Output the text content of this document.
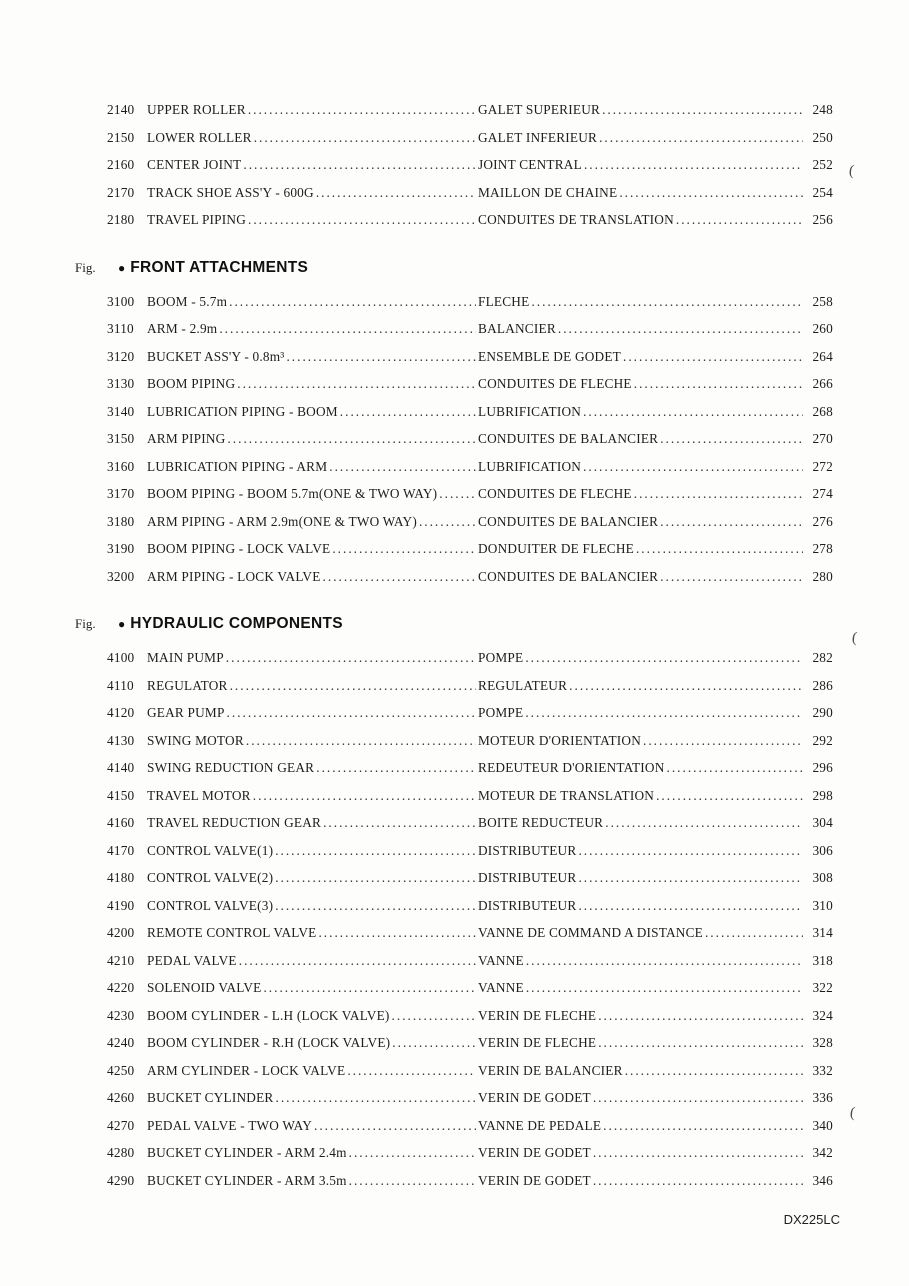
(
(
(
2140 UPPER ROLLER .....	GALET SUPERIEUR .....	248
2150 LOWER ROLLER .....	GALET INFERIEUR .....	250
2160 CENTER JOINT .....	JOINT CENTRAL .....	252
2170 TRACK SHOE ASS'Y - 600G .....	MAILLON DE CHAINE .....	254
2180 TRAVEL PIPING .....	CONDUITES DE TRANSLATION .....	256
Fig.	● FRONT ATTACHMENTS
3100 BOOM - 5.7m .....	FLECHE .....	258
3110 ARM - 2.9m .....	BALANCIER .....	260
3120 BUCKET ASS'Y - 0.8m³ .....	ENSEMBLE DE GODET .....	264
3130 BOOM PIPING .....	CONDUITES DE FLECHE .....	266
3140 LUBRICATION PIPING - BOOM .....	LUBRIFICATION .....	268
3150 ARM PIPING .....	CONDUITES DE BALANCIER .....	270
3160 LUBRICATION PIPING - ARM .....	LUBRIFICATION .....	272
3170 BOOM PIPING - BOOM 5.7m(ONE & TWO WAY) .....	CONDUITES DE FLECHE .....	274
3180 ARM PIPING - ARM 2.9m(ONE & TWO WAY) .....	CONDUITES DE BALANCIER .....	276
3190 BOOM PIPING - LOCK VALVE .....	DONDUITER DE FLECHE .....	278
3200 ARM PIPING - LOCK VALVE .....	CONDUITES DE BALANCIER .....	280
Fig.	● HYDRAULIC COMPONENTS
4100 MAIN PUMP .....	POMPE .....	282
4110 REGULATOR .....	REGULATEUR .....	286
4120 GEAR PUMP .....	POMPE .....	290
4130 SWING MOTOR .....	MOTEUR D'ORIENTATION .....	292
4140 SWING REDUCTION GEAR .....	REDEUTEUR D'ORIENTATION .....	296
4150 TRAVEL MOTOR .....	MOTEUR DE TRANSLATION .....	298
4160 TRAVEL REDUCTION GEAR .....	BOITE REDUCTEUR .....	304
4170 CONTROL VALVE(1) .....	DISTRIBUTEUR .....	306
4180 CONTROL VALVE(2) .....	DISTRIBUTEUR .....	308
4190 CONTROL VALVE(3) .....	DISTRIBUTEUR .....	310
4200 REMOTE CONTROL VALVE .....	VANNE DE COMMAND A DISTANCE .....	314
4210 PEDAL VALVE .....	VANNE .....	318
4220 SOLENOID VALVE .....	VANNE .....	322
4230 BOOM CYLINDER - L.H (LOCK VALVE) .....	VERIN DE FLECHE .....	324
4240 BOOM CYLINDER - R.H (LOCK VALVE) .....	VERIN DE FLECHE .....	328
4250 ARM CYLINDER - LOCK VALVE .....	VERIN DE BALANCIER .....	332
4260 BUCKET CYLINDER .....	VERIN DE GODET .....	336
4270 PEDAL VALVE - TWO WAY .....	VANNE DE PEDALE .....	340
4280 BUCKET CYLINDER - ARM 2.4m .....	VERIN DE GODET .....	342
4290 BUCKET CYLINDER - ARM 3.5m .....	VERIN DE GODET .....	346
DX225LC
